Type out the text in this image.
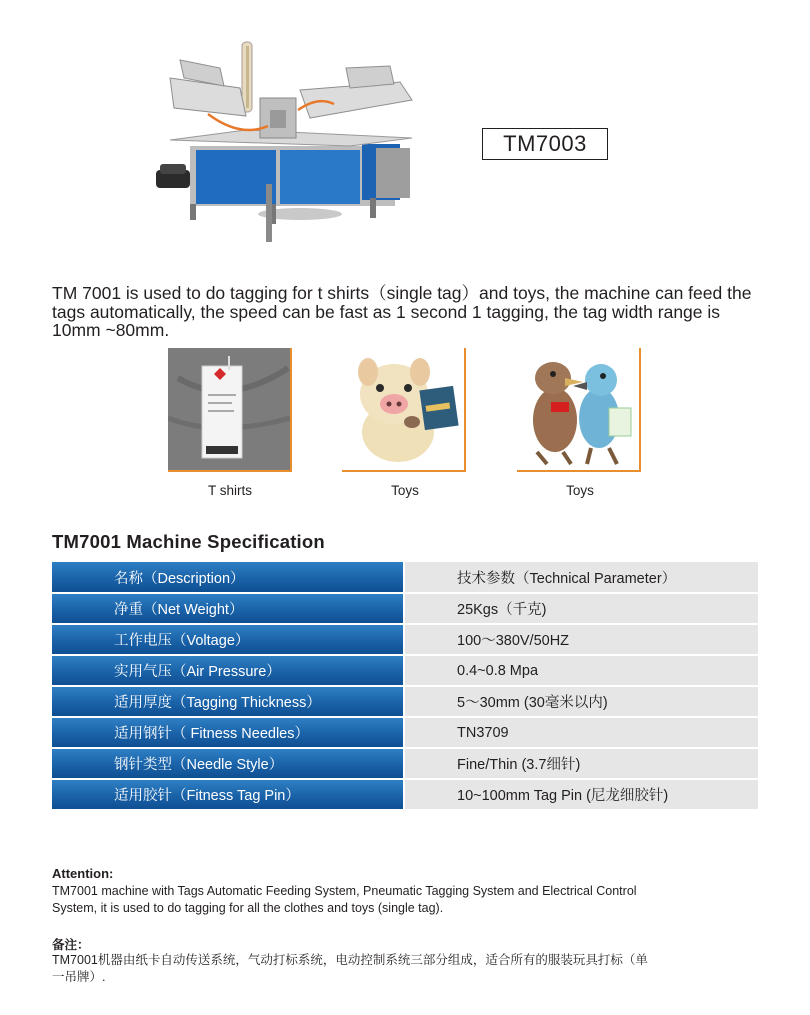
TM7003
TM 7001 is used to do tagging for t shirts（single tag）and toys, the machine can feed the tags automatically, the speed can be fast as 1 second 1 tagging, the tag width range is 10mm ~80mm.
T shirts	Toys	Toys
TM7001 Machine Specification
名称（Description）	技术参数（Technical Parameter）
净重（Net Weight）	25Kgs（千克)
工作电压（Voltage）	100～380V/50HZ
实用气压（Air Pressure）	0.4~0.8 Mpa
适用厚度（Tagging Thickness）	5～30mm (30毫米以内)
适用钢针（ Fitness Needles）	TN3709
钢针类型（Needle Style）	Fine/Thin (3.7细针)
适用胶针（Fitness Tag Pin）	10~100mm Tag Pin (尼龙细胶针)
Attention:
TM7001 machine with Tags Automatic Feeding System, Pneumatic Tagging System and Electrical Control System, it is used to do tagging for all the clothes and toys (single tag).
备注：
TM7001机器由纸卡自动传送系统，气动打标系统，电动控制系统三部分组成，适合所有的服装玩具打标（单一吊牌）.
